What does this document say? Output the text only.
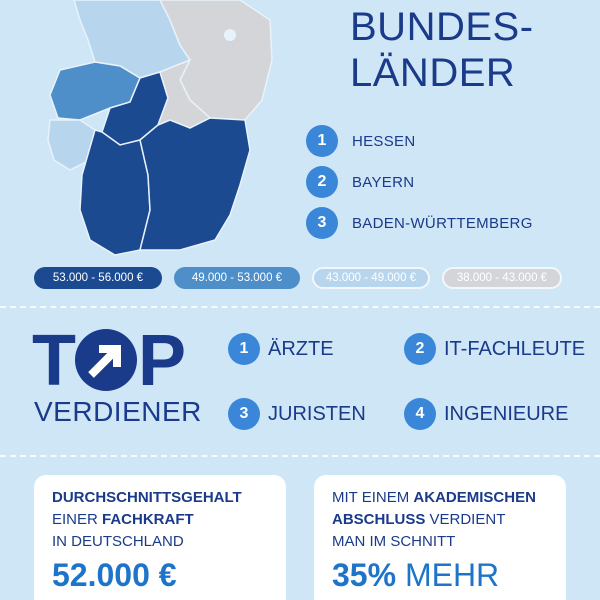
BUNDES-
LÄNDER
1	HESSEN
2	BAYERN
3	BADEN-WÜRTTEMBERG
53.000 - 56.000 €	49.000 - 53.000 €	43.000 - 49.000 €	38.000 - 43.000 €
T P
VERDIENER
1 ÄRZTE	2 IT-FACHLEUTE
3 JURISTEN	4 INGENIEURE
DURCHSCHNITTSGEHALT
EINER FACHKRAFT
IN DEUTSCHLAND
52.000 €
MIT EINEM AKADEMISCHEN
ABSCHLUSS VERDIENT
MAN IM SCHNITT
35% MEHR
